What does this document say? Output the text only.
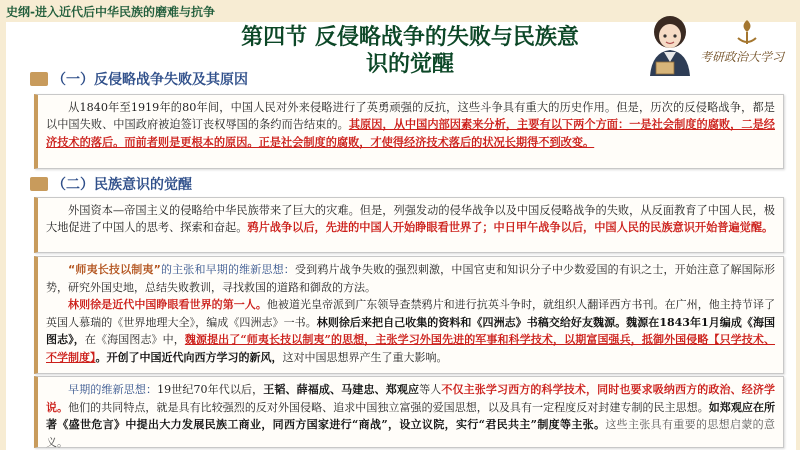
史纲-进入近代后中华民族的磨难与抗争
第四节 反侵略战争的失败与民族意
识的觉醒	考研政治大学习
（一）反侵略战争失败及其原因

从1840年至1919年的80年间，中国人民对外来侵略进行了英勇顽强的反抗，这些斗争具有重大的历史作用。但是，历次的反侵略战争，都是以中国失败、中国政府被迫签订丧权辱国的条约而告结束的。其原因，从中国内部因素来分析，主要有以下两个方面：一是社会制度的腐败，二是经济技术的落后。而前者则是更根本的原因。正是社会制度的腐败，才使得经济技术落后的状况长期得不到改变。

（二）民族意识的觉醒

外国资本—帝国主义的侵略给中华民族带来了巨大的灾难。但是，列强发动的侵华战争以及中国反侵略战争的失败，从反面教育了中国人民，极大地促进了中国人的思考、探索和奋起。鸦片战争以后，先进的中国人开始睁眼看世界了；中日甲午战争以后，中国人民的民族意识开始普遍觉醒。

“师夷长技以制夷”的主张和早期的维新思想：受到鸦片战争失败的强烈刺激，中国官吏和知识分子中少数爱国的有识之士，开始注意了解国际形势，研究外国史地，总结失败教训，寻找救国的道路和御敌的方法。

林则徐是近代中国睁眼看世界的第一人。他被道光皇帝派到广东领导查禁鸦片和进行抗英斗争时，就组织人翻译西方书刊。在广州，他主持节译了英国人慕瑞的《世界地理大全》，编成《四洲志》一书。林则徐后来把自己收集的资料和《四洲志》书稿交给好友魏源。魏源在1843年1月编成《海国图志》，在《海国图志》中，魏源提出了“师夷长技以制夷”的思想，主张学习外国先进的军事和科学技术，以期富国强兵，抵御外国侵略【只学技术、不学制度】。开创了中国近代向西方学习的新风，这对中国思想界产生了重大影响。

早期的维新思想：19世纪70年代以后，王韬、薛福成、马建忠、郑观应等人不仅主张学习西方的科学技术，同时也要求吸纳西方的政治、经济学说。他们的共同特点，就是具有比较强烈的反对外国侵略、追求中国独立富强的爱国思想，以及具有一定程度反对封建专制的民主思想。如郑观应在所著《盛世危言》中提出大力发展民族工商业，同西方国家进行“商战”，设立议院，实行“君民共主”制度等主张。这些主张具有重要的思想启蒙的意义。
